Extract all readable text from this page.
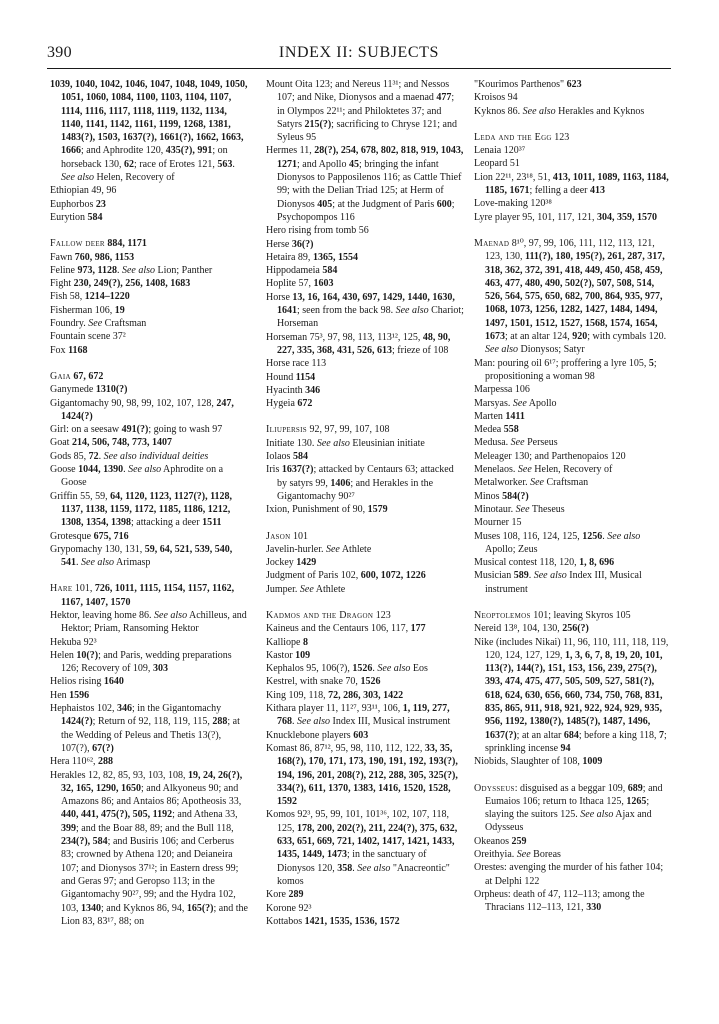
390	INDEX II: SUBJECTS

1039, 1040, 1042, 1046, 1047, 1048, 1049, 1050, 1051, 1060, 1084, 1100, 1103, 1104, 1107, 1114, 1116, 1117, 1118, 1119, 1132, 1134, 1140, 1141, 1142, 1161, 1199, 1268, 1381, 1483(?), 1503, 1637(?), 1661(?), 1662, 1663, 1666; and Aphrodite 120, 435(?), 991; on horseback 130, 62; race of Erotes 121, 563. See also Helen, Recovery of

Ethiopian 49, 96

Euphorbos 23

Eurytion 584

Fallow deer 884, 1171

Fawn 760, 986, 1153

Feline 973, 1128. See also Lion; Panther

Fight 230, 249(?), 256, 1408, 1683

Fish 58, 1214–1220

Fisherman 106, 19

Foundry. See Craftsman

Fountain scene 37²

Fox 1168

Gaia 67, 672

Ganymede 1310(?)

Gigantomachy 90, 98, 99, 102, 107, 128, 247, 1424(?)

Girl: on a seesaw 491(?); going to wash 97

Goat 214, 506, 748, 773, 1407

Gods 85, 72. See also individual deities

Goose 1044, 1390. See also Aphrodite on a Goose

Griffin 55, 59, 64, 1120, 1123, 1127(?), 1128, 1137, 1138, 1159, 1172, 1185, 1186, 1212, 1308, 1354, 1398; attacking a deer 1511

Grotesque 675, 716

Grypomachy 130, 131, 59, 64, 521, 539, 540, 541. See also Arimasp

Hare 101, 726, 1011, 1115, 1154, 1157, 1162, 1167, 1407, 1570

Hektor, leaving home 86. See also Achilleus, and Hektor; Priam, Ransoming Hektor

Hekuba 92³

Helen 10(?); and Paris, wedding preparations 126; Recovery of 109, 303

Helios rising 1640

Hen 1596

Hephaistos 102, 346; in the Gigantomachy 1424(?); Return of 92, 118, 119, 115, 288; at the Wedding of Peleus and Thetis 13(?), 107(?), 67(?)

Hera 110⁶², 288

Herakles 12, 82, 85, 93, 103, 108, 19, 24, 26(?), 32, 165, 1290, 1650; and Alkyoneus 90; and Amazons 86; and Antaios 86; Apotheosis 33, 440, 441, 475(?), 505, 1192; and Athena 33, 399; and the Boar 88, 89; and the Bull 118, 234(?), 584; and Busiris 106; and Cerberus 83; crowned by Athena 120; and Deianeira 107; and Dionysos 37¹²; in Eastern dress 99; and Geras 97; and Geropso 113; in the Gigantomachy 90²⁷, 99; and the Hydra 102, 103, 1340; and Kyknos 86, 94, 165(?); and the Lion 83, 83¹⁷, 88; on

Mount Oita 123; and Nereus 11³¹; and Nessos 107; and Nike, Dionysos and a maenad 477; in Olympos 22¹¹; and Philoktetes 37; and Satyrs 215(?); sacrificing to Chryse 121; and Syleus 95

Hermes 11, 28(?), 254, 678, 802, 818, 919, 1043, 1271; and Apollo 45; bringing the infant Dionysos to Papposilenos 116; as Cattle Thief 99; with the Delian Triad 125; at Herm of Dionysos 405; at the Judgment of Paris 600; Psychopompos 116

Hero rising from tomb 56

Herse 36(?)

Hetaira 89, 1365, 1554

Hippodameia 584

Hoplite 57, 1603

Horse 13, 16, 164, 430, 697, 1429, 1440, 1630, 1641; seen from the back 98. See also Chariot; Horseman

Horseman 75³, 97, 98, 113, 113¹², 125, 48, 90, 227, 335, 368, 431, 526, 613; frieze of 108

Horse race 113

Hound 1154

Hyacinth 346

Hygeia 672

Iliupersis 92, 97, 99, 107, 108

Initiate 130. See also Eleusinian initiate

Iolaos 584

Iris 1637(?); attacked by Centaurs 63; attacked by satyrs 99, 1406; and Herakles in the Gigantomachy 90²⁷

Ixion, Punishment of 90, 1579

Jason 101

Javelin-hurler. See Athlete

Jockey 1429

Judgment of Paris 102, 600, 1072, 1226

Jumper. See Athlete

Kadmos and the Dragon 123

Kaineus and the Centaurs 106, 117, 177

Kalliope 8

Kastor 109

Kephalos 95, 106(?), 1526. See also Eos

Kestrel, with snake 70, 1526

King 109, 118, 72, 286, 303, 1422

Kithara player 11, 11²⁷, 93¹¹, 106, 1, 119, 277, 768. See also Index III, Musical instrument

Knucklebone players 603

Komast 86, 87¹², 95, 98, 110, 112, 122, 33, 35, 168(?), 170, 171, 173, 190, 191, 192, 193(?), 194, 196, 201, 208(?), 212, 288, 305, 325(?), 334(?), 611, 1370, 1383, 1416, 1520, 1528, 1592

Komos 92³, 95, 99, 101, 101³⁶, 102, 107, 118, 125, 178, 200, 202(?), 211, 224(?), 375, 632, 633, 651, 669, 721, 1402, 1417, 1421, 1433, 1435, 1449, 1473; in the sanctuary of Dionysos 120, 358. See also "Anacreontic" komos

Kore 289

Korone 92³

Kottabos 1421, 1535, 1536, 1572

"Kourimos Parthenos" 623

Kroisos 94

Kyknos 86. See also Herakles and Kyknos

Leda and the Egg 123

Lenaia 120³⁷

Leopard 51

Lion 22¹¹, 23¹⁸, 51, 413, 1011, 1089, 1163, 1184, 1185, 1671; felling a deer 413

Love-making 120³⁸

Lyre player 95, 101, 117, 121, 304, 359, 1570

Maenad 8¹⁰, 97, 99, 106, 111, 112, 113, 121, 123, 130, 111(?), 180, 195(?), 261, 287, 317, 318, 362, 372, 391, 418, 449, 450, 458, 459, 463, 477, 480, 490, 502(?), 507, 508, 514, 526, 564, 575, 650, 682, 700, 864, 935, 977, 1068, 1073, 1256, 1282, 1427, 1484, 1494, 1497, 1501, 1512, 1527, 1568, 1574, 1654, 1673; at an altar 124, 920; with cymbals 120. See also Dionysos; Satyr

Man: pouring oil 6¹⁷; proffering a lyre 105, 5; propositioning a woman 98

Marpessa 106

Marsyas. See Apollo

Marten 1411

Medea 558

Medusa. See Perseus

Meleager 130; and Parthenopaios 120

Menelaos. See Helen, Recovery of

Metalworker. See Craftsman

Minos 584(?)

Minotaur. See Theseus

Mourner 15

Muses 108, 116, 124, 125, 1256. See also Apollo; Zeus

Musical contest 118, 120, 1, 8, 696

Musician 589. See also Index III, Musical instrument

Neoptolemos 101; leaving Skyros 105

Nereid 13⁸, 104, 130, 256(?)

Nike (includes Nikai) 11, 96, 110, 111, 118, 119, 120, 124, 127, 129, 1, 3, 6, 7, 8, 19, 20, 101, 113(?), 144(?), 151, 153, 156, 239, 275(?), 393, 474, 475, 477, 505, 509, 527, 581(?), 618, 624, 630, 656, 660, 734, 750, 768, 831, 835, 865, 911, 918, 921, 922, 924, 929, 935, 956, 1192, 1380(?), 1485(?), 1487, 1496, 1637(?); at an altar 684; before a king 118, 7; sprinkling incense 94

Niobids, Slaughter of 108, 1009

Odysseus: disguised as a beggar 109, 689; and Eumaios 106; return to Ithaca 125, 1265; slaying the suitors 125. See also Ajax and Odysseus

Okeanos 259

Oreithyia. See Boreas

Orestes: avenging the murder of his father 104; at Delphi 122

Orpheus: death of 47, 112–113; among the Thracians 112–113, 121, 330
